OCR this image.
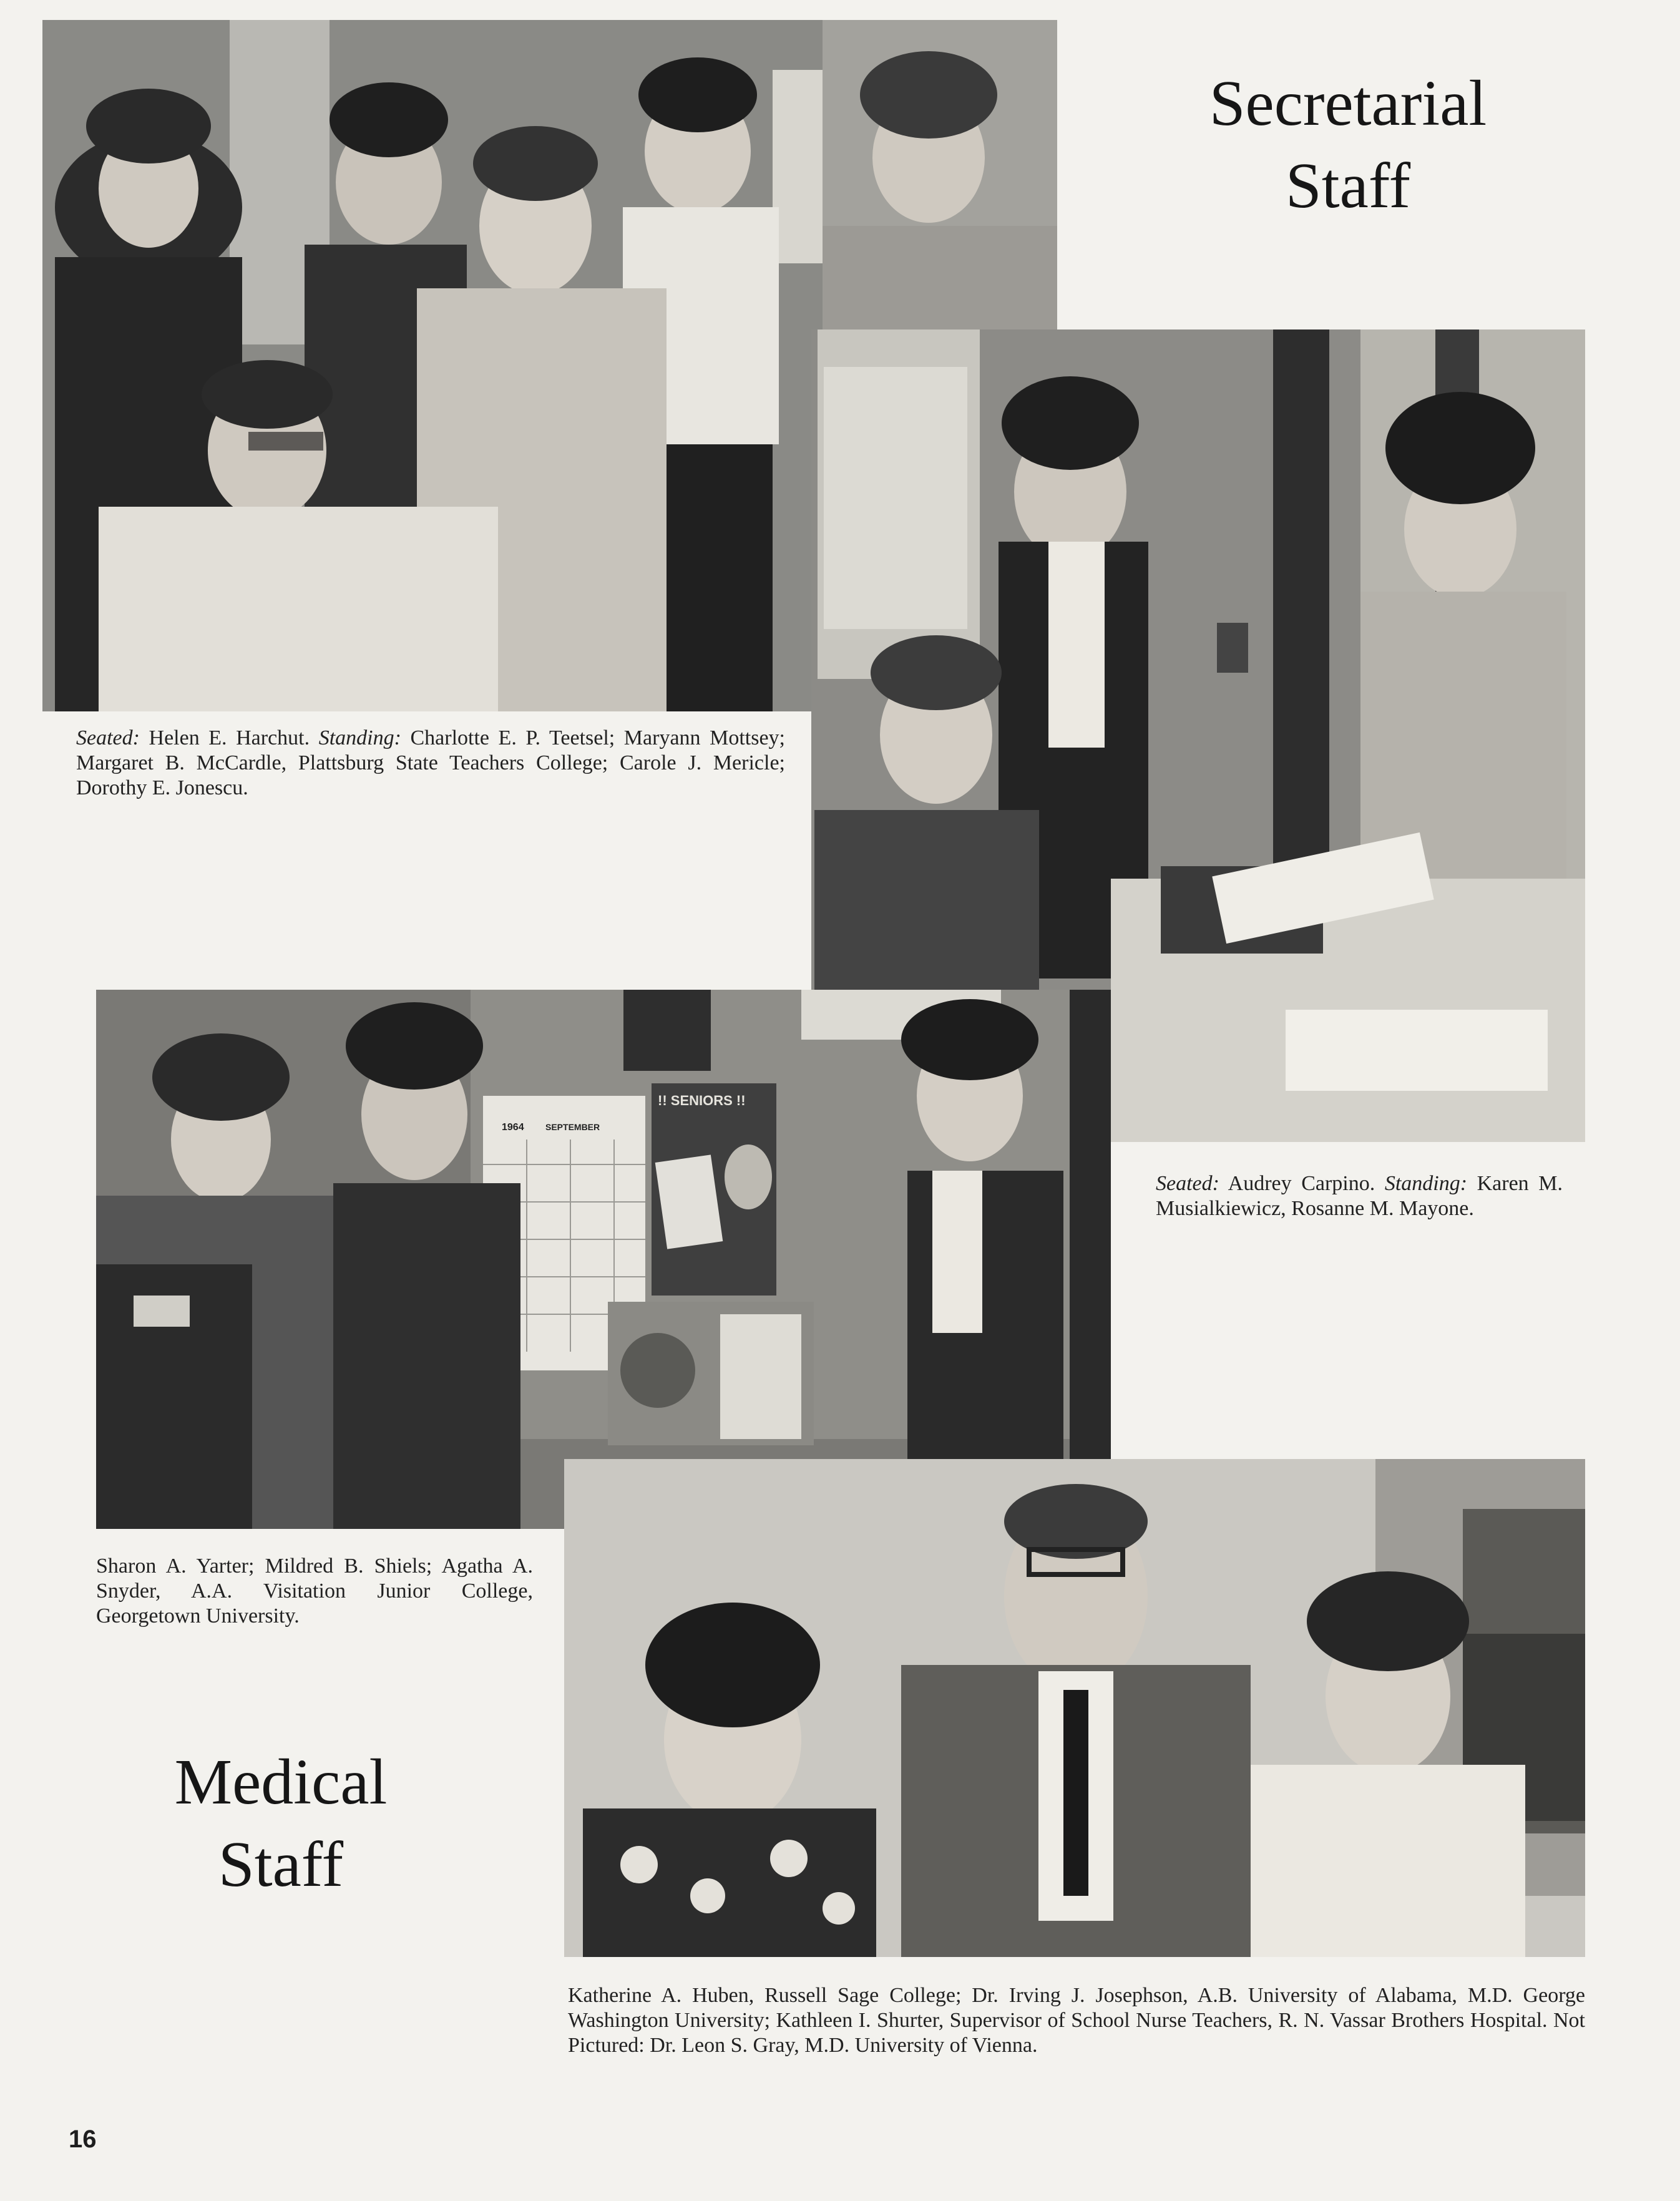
Secretarial
Staff
Seated: Helen E. Harchut. Standing: Charlotte E. P. Teetsel; Maryann Mottsey; Margaret B. McCardle, Plattsburg State Teachers College; Carole J. Mericle; Dorothy E. Jonescu.
1964 SEPTEMBER
!! SENIORS !!
Seated: Audrey Carpino. Standing: Karen M. Musialkiewicz, Rosanne M. Mayone.
Sharon A. Yarter; Mildred B. Shiels; Agatha A. Snyder, A.A. Visitation Junior College, Georgetown University.
Medical
Staff
Katherine A. Huben, Russell Sage College; Dr. Irving J. Josephson, A.B. University of Alabama, M.D. George Washington University; Kathleen I. Shurter, Supervisor of School Nurse Teachers, R. N. Vassar Brothers Hospital. Not Pictured: Dr. Leon S. Gray, M.D. University of Vienna.
16
